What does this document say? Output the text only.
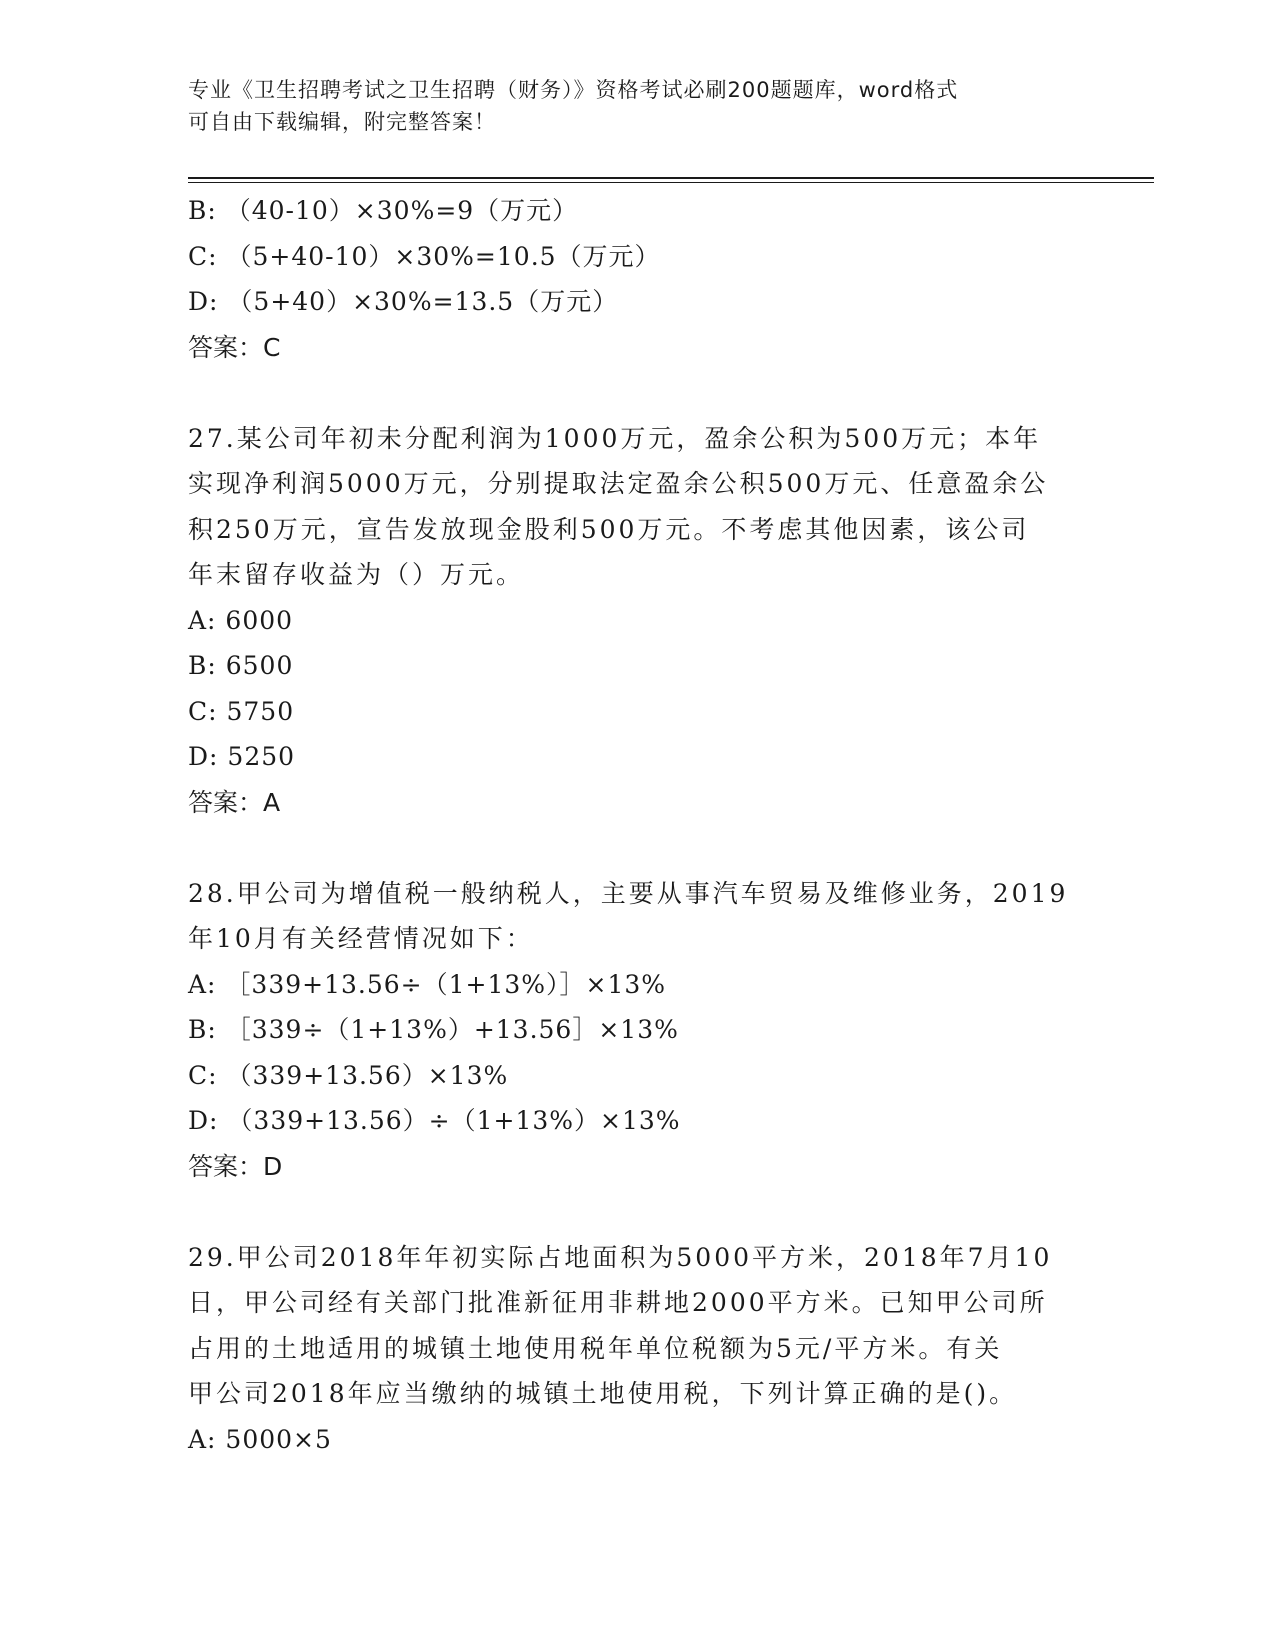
专业《卫生招聘考试之卫生招聘（财务）》资格考试必刷200题题库，word格式
可自由下载编辑，附完整答案！
B: （40-10）×30%=9（万元）
C: （5+40-10）×30%=10.5（万元）
D: （5+40）×30%=13.5（万元）
答案：C
27.某公司年初未分配利润为1000万元，盈余公积为500万元；本年
实现净利润5000万元，分别提取法定盈余公积500万元、任意盈余公
积250万元，宣告发放现金股利500万元。不考虑其他因素，该公司
年末留存收益为（）万元。
A: 6000
B: 6500
C: 5750
D: 5250
答案：A
28.甲公司为增值税一般纳税人，主要从事汽车贸易及维修业务，2019
年10月有关经营情况如下：
A: ［339+13.56÷（1+13%）］×13%
B: ［339÷（1+13%）+13.56］×13%
C: （339+13.56）×13%
D: （339+13.56）÷（1+13%）×13%
答案：D
29.甲公司2018年年初实际占地面积为5000平方米，2018年7月10
日，甲公司经有关部门批准新征用非耕地2000平方米。已知甲公司所
占用的土地适用的城镇土地使用税年单位税额为5元/平方米。有关
甲公司2018年应当缴纳的城镇土地使用税，下列计算正确的是()。
A: 5000×5
